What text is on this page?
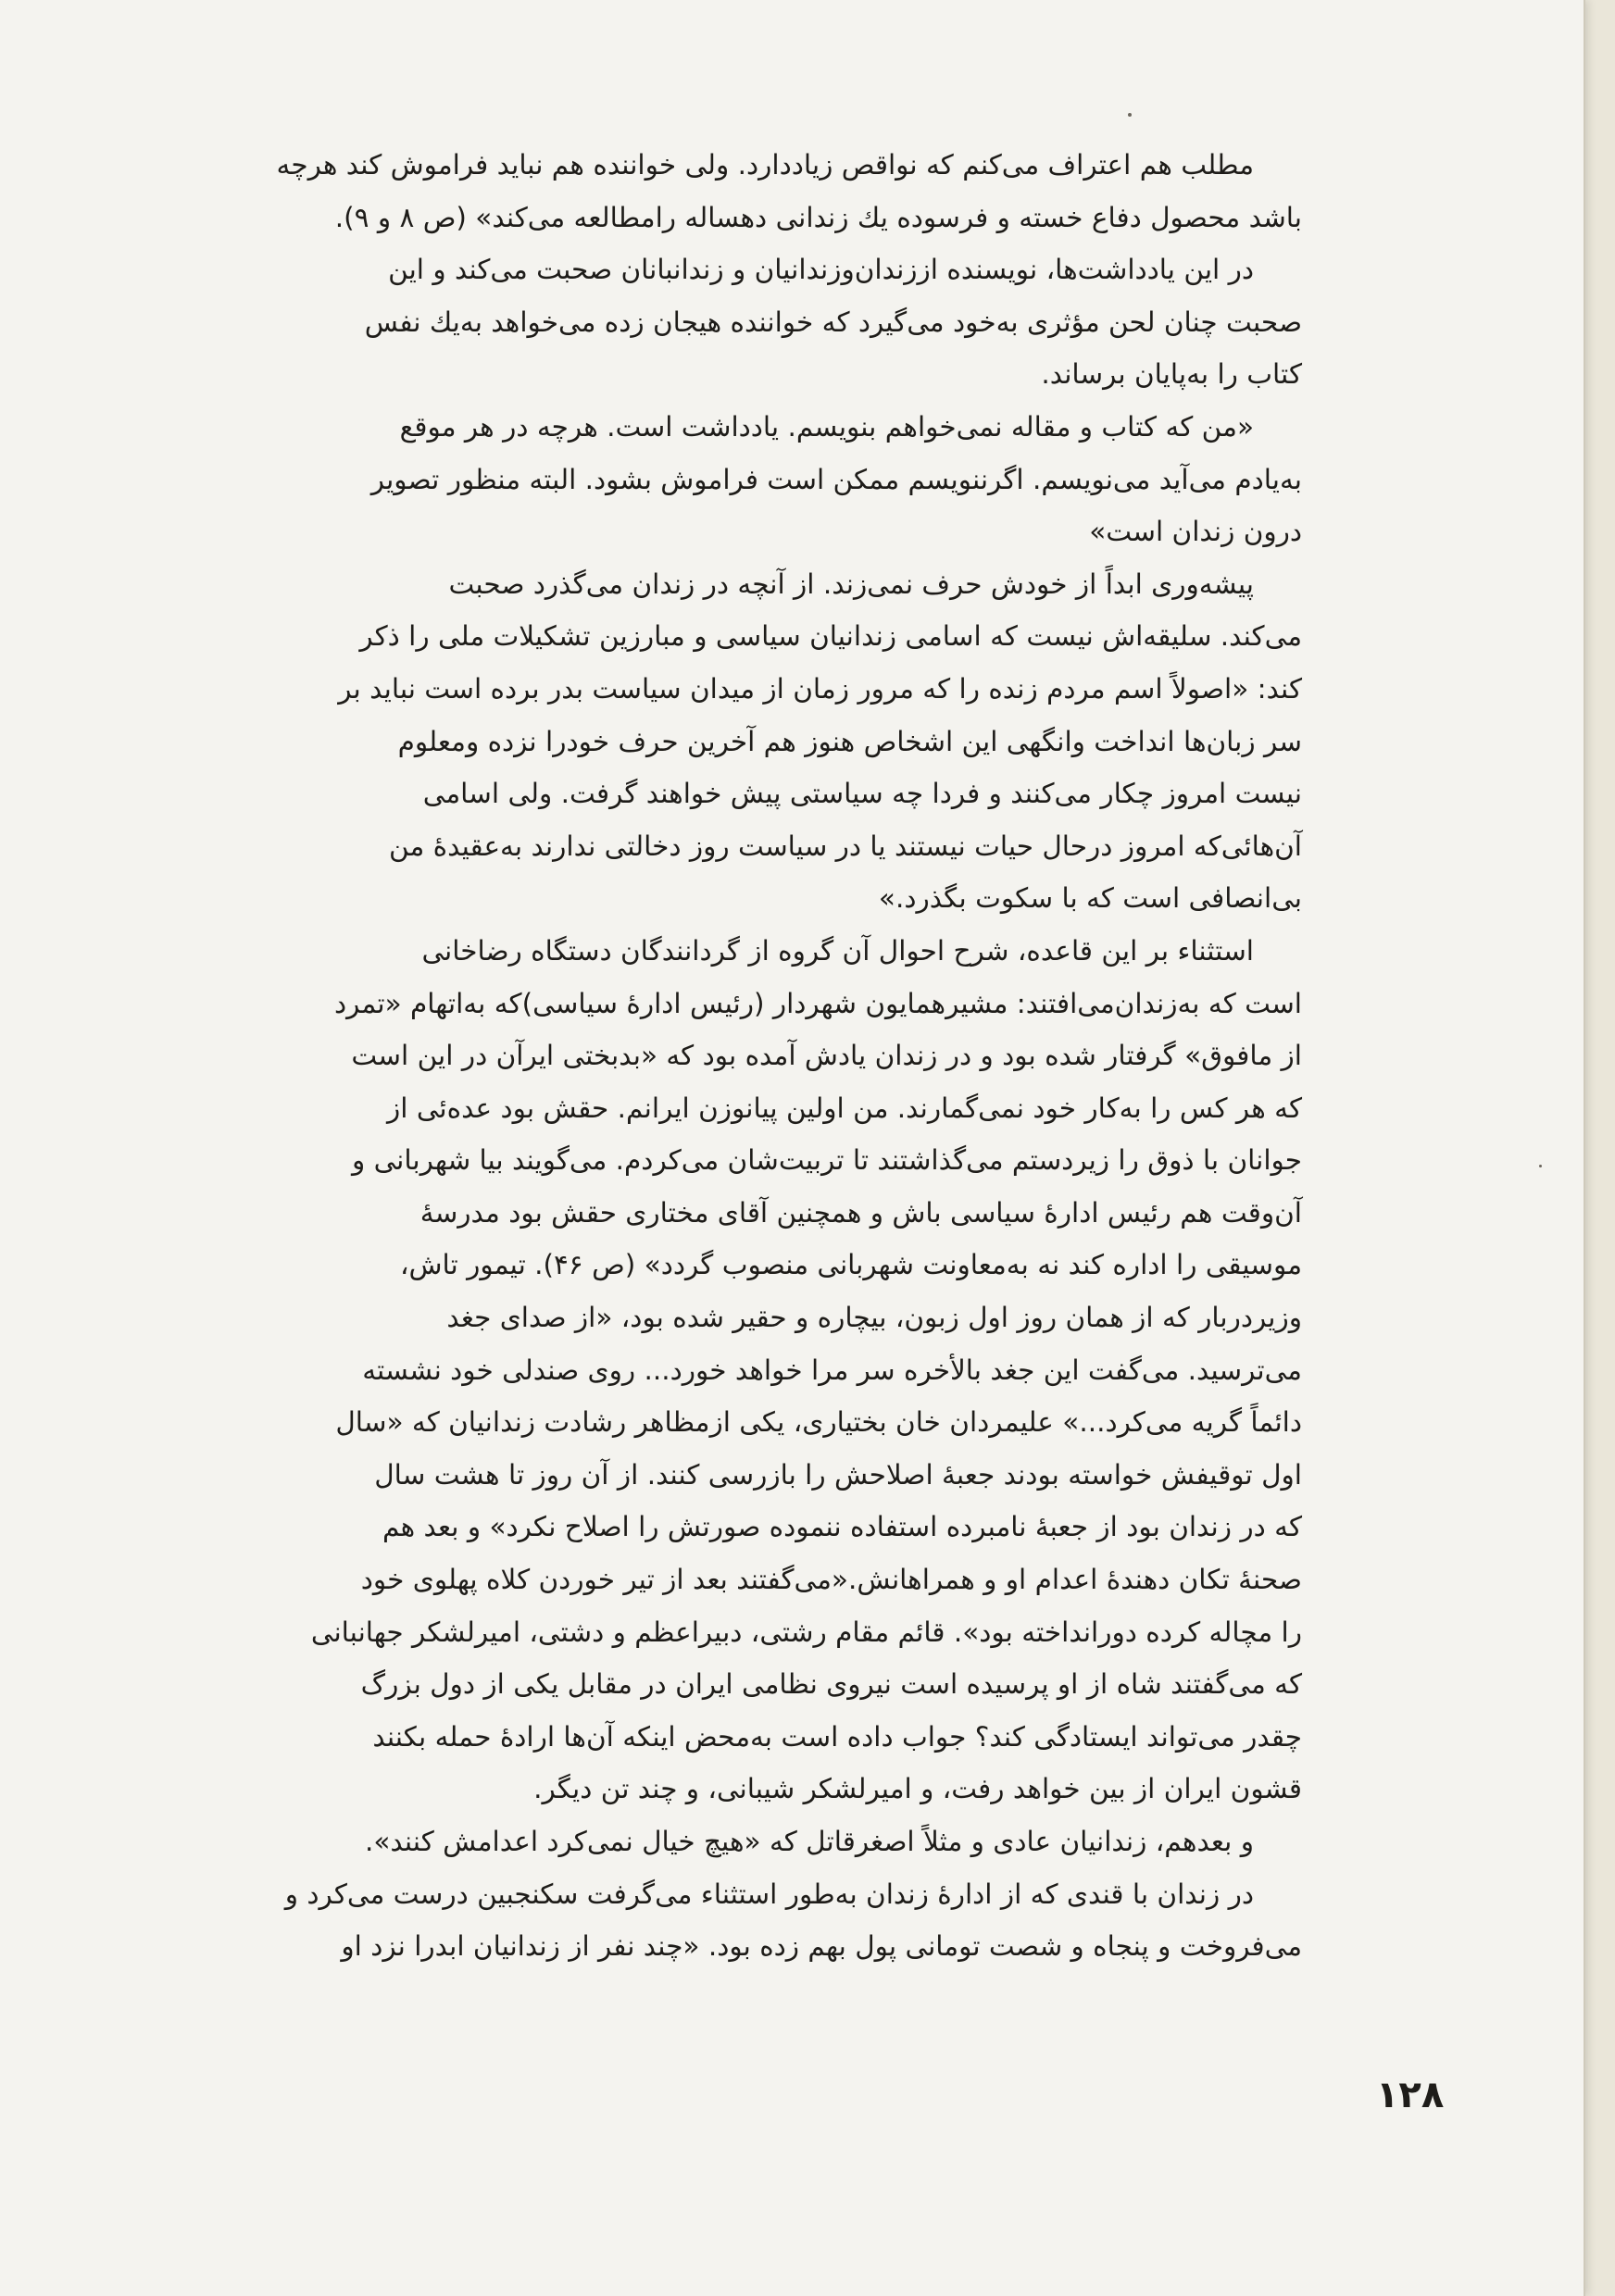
مطلب هم اعتراف می‌کنم که نواقص زیاددارد. ولی خواننده هم نباید فراموش کند هرچه
باشد محصول دفاع خسته و فرسوده یك زندانی دهساله رامطالعه می‌کند» (ص ۸ و ۹).

در این یادداشت‌ها، نویسنده اززندان‌وزندانیان و زندانبانان صحبت می‌کند و این
صحبت چنان لحن مؤثری به‌خود می‌گیرد که خواننده هیجان زده می‌خواهد به‌یك نفس
کتاب را به‌پایان برساند.

«من که کتاب و مقاله نمی‌خواهم بنویسم. یادداشت است. هرچه در هر موقع
به‌یادم می‌آید می‌نویسم. اگرننویسم ممکن است فراموش بشود. البته منظور تصویر
درون زندان است»

پیشه‌وری ابداً از خودش حرف نمی‌زند. از آنچه در زندان می‌گذرد صحبت
می‌کند. سلیقه‌اش نیست که اسامی زندانیان سیاسی و مبارزین تشکیلات ملی را ذکر
کند: «اصولاً اسم مردم زنده را که مرور زمان از میدان سیاست بدر برده است نباید بر
سر زبان‌ها انداخت وانگهی این اشخاص هنوز هم آخرین حرف خودرا نزده ومعلوم
نیست امروز چکار می‌کنند و فردا چه سیاستی پیش خواهند گرفت. ولی اسامی
آن‌هائی‌که امروز درحال حیات نیستند یا در سیاست روز دخالتی ندارند به‌عقیدهٔ من
بی‌انصافی است که با سکوت بگذرد.»

استثناء بر این قاعده، شرح احوال آن گروه از گردانندگان دستگاه رضاخانی
است که به‌زندان‌می‌افتند: مشیرهمایون شهردار (رئیس ادارهٔ سیاسی)که به‌اتهام «تمرد
از مافوق» گرفتار شده بود و در زندان یادش آمده بود که «بدبختی ایرآن در این است
که هر کس را به‌کار خود نمی‌گمارند. من اولین پیانوزن ایرانم. حقش بود عده‌ئی از
جوانان با ذوق را زیردستم می‌گذاشتند تا تربیت‌شان می‌کردم. می‌گویند بیا شهربانی و
آن‌وقت هم رئیس ادارهٔ سیاسی باش و همچنین آقای مختاری حقش بود مدرسهٔ
موسیقی را اداره کند نه به‌معاونت شهربانی منصوب گردد» (ص ۴۶). تیمور تاش،
وزیردربار که از همان روز اول زبون، بیچاره و حقیر شده بود، «از صدای جغد
می‌ترسید. می‌گفت این جغد بالأخره سر مرا خواهد خورد... روی صندلی خود نشسته
دائماً گریه می‌کرد...» علیمردان خان بختیاری، یکی ازمظاهر رشادت زندانیان که «سال
اول توقیفش خواسته بودند جعبهٔ اصلاحش را بازرسی کنند. از آن روز تا هشت سال
که در زندان بود از جعبهٔ نامبرده استفاده ننموده صورتش را اصلاح نکرد» و بعد هم
صحنهٔ تکان دهندهٔ اعدام او و همراهانش.«می‌گفتند بعد از تیر خوردن کلاه پهلوی خود
را مچاله کرده دورانداخته بود». قائم مقام رشتی، دبیراعظم و دشتی، امیرلشکر جهانبانی
که می‌گفتند شاه از او پرسیده است نیروی نظامی ایران در مقابل یکی از دول بزرگ
چقدر می‌تواند ایستادگی کند؟ جواب داده است به‌محض اینکه آن‌ها ارادهٔ حمله بکنند
قشون ایران از بین خواهد رفت، و امیرلشکر شیبانی، و چند تن دیگر.

و بعدهم، زندانیان عادی و مثلاً اصغرقاتل که «هیچ خیال نمی‌کرد اعدامش کنند».

در زندان با قندی که از ادارهٔ زندان به‌طور استثناء می‌گرفت سکنجبین درست می‌کرد و
می‌فروخت و پنجاه و شصت تومانی پول بهم زده بود. «چند نفر از زندانیان ابدرا نزد او

۱۲۸
